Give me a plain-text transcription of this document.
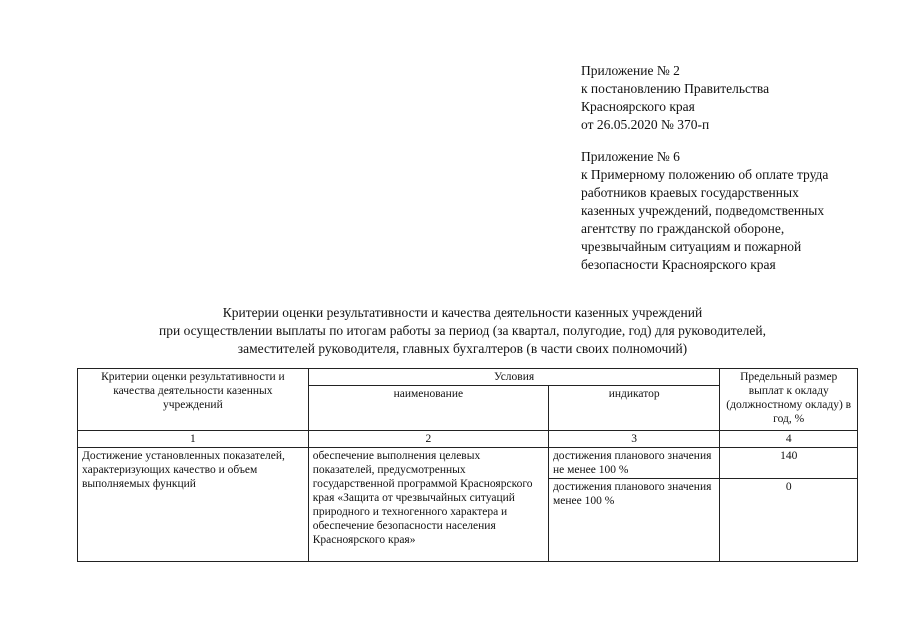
Приложение № 2
к постановлению Правительства
Красноярского края
от 26.05.2020 № 370-п
Приложение № 6
к Примерному положению об оплате труда
работников краевых государственных
казенных учреждений, подведомственных
агентству по гражданской обороне,
чрезвычайным ситуациям и пожарной
безопасности Красноярского края
Критерии оценки результативности и качества деятельности казенных учреждений
при осуществлении выплаты по итогам работы за период (за квартал, полугодие, год) для руководителей,
заместителей руководителя, главных бухгалтеров (в части своих полномочий)
Критерии оценки результативности и качества деятельности казенных учреждений	Условия		Предельный размер выплат к окладу (должностному окладу) в год, %
	наименование	индикатор	
1	2	3	4
Достижение установленных показателей, характеризующих качество и объем выполняемых функций	обеспечение выполнения целевых показателей, предусмотренных государственной программой Красноярского края «Защита от чрезвычайных ситуаций природного и техногенного характера и обеспечение безопасности населения Красноярского края»	достижения планового значения не менее 100 %	140
		достижения планового значения менее 100 %	0
